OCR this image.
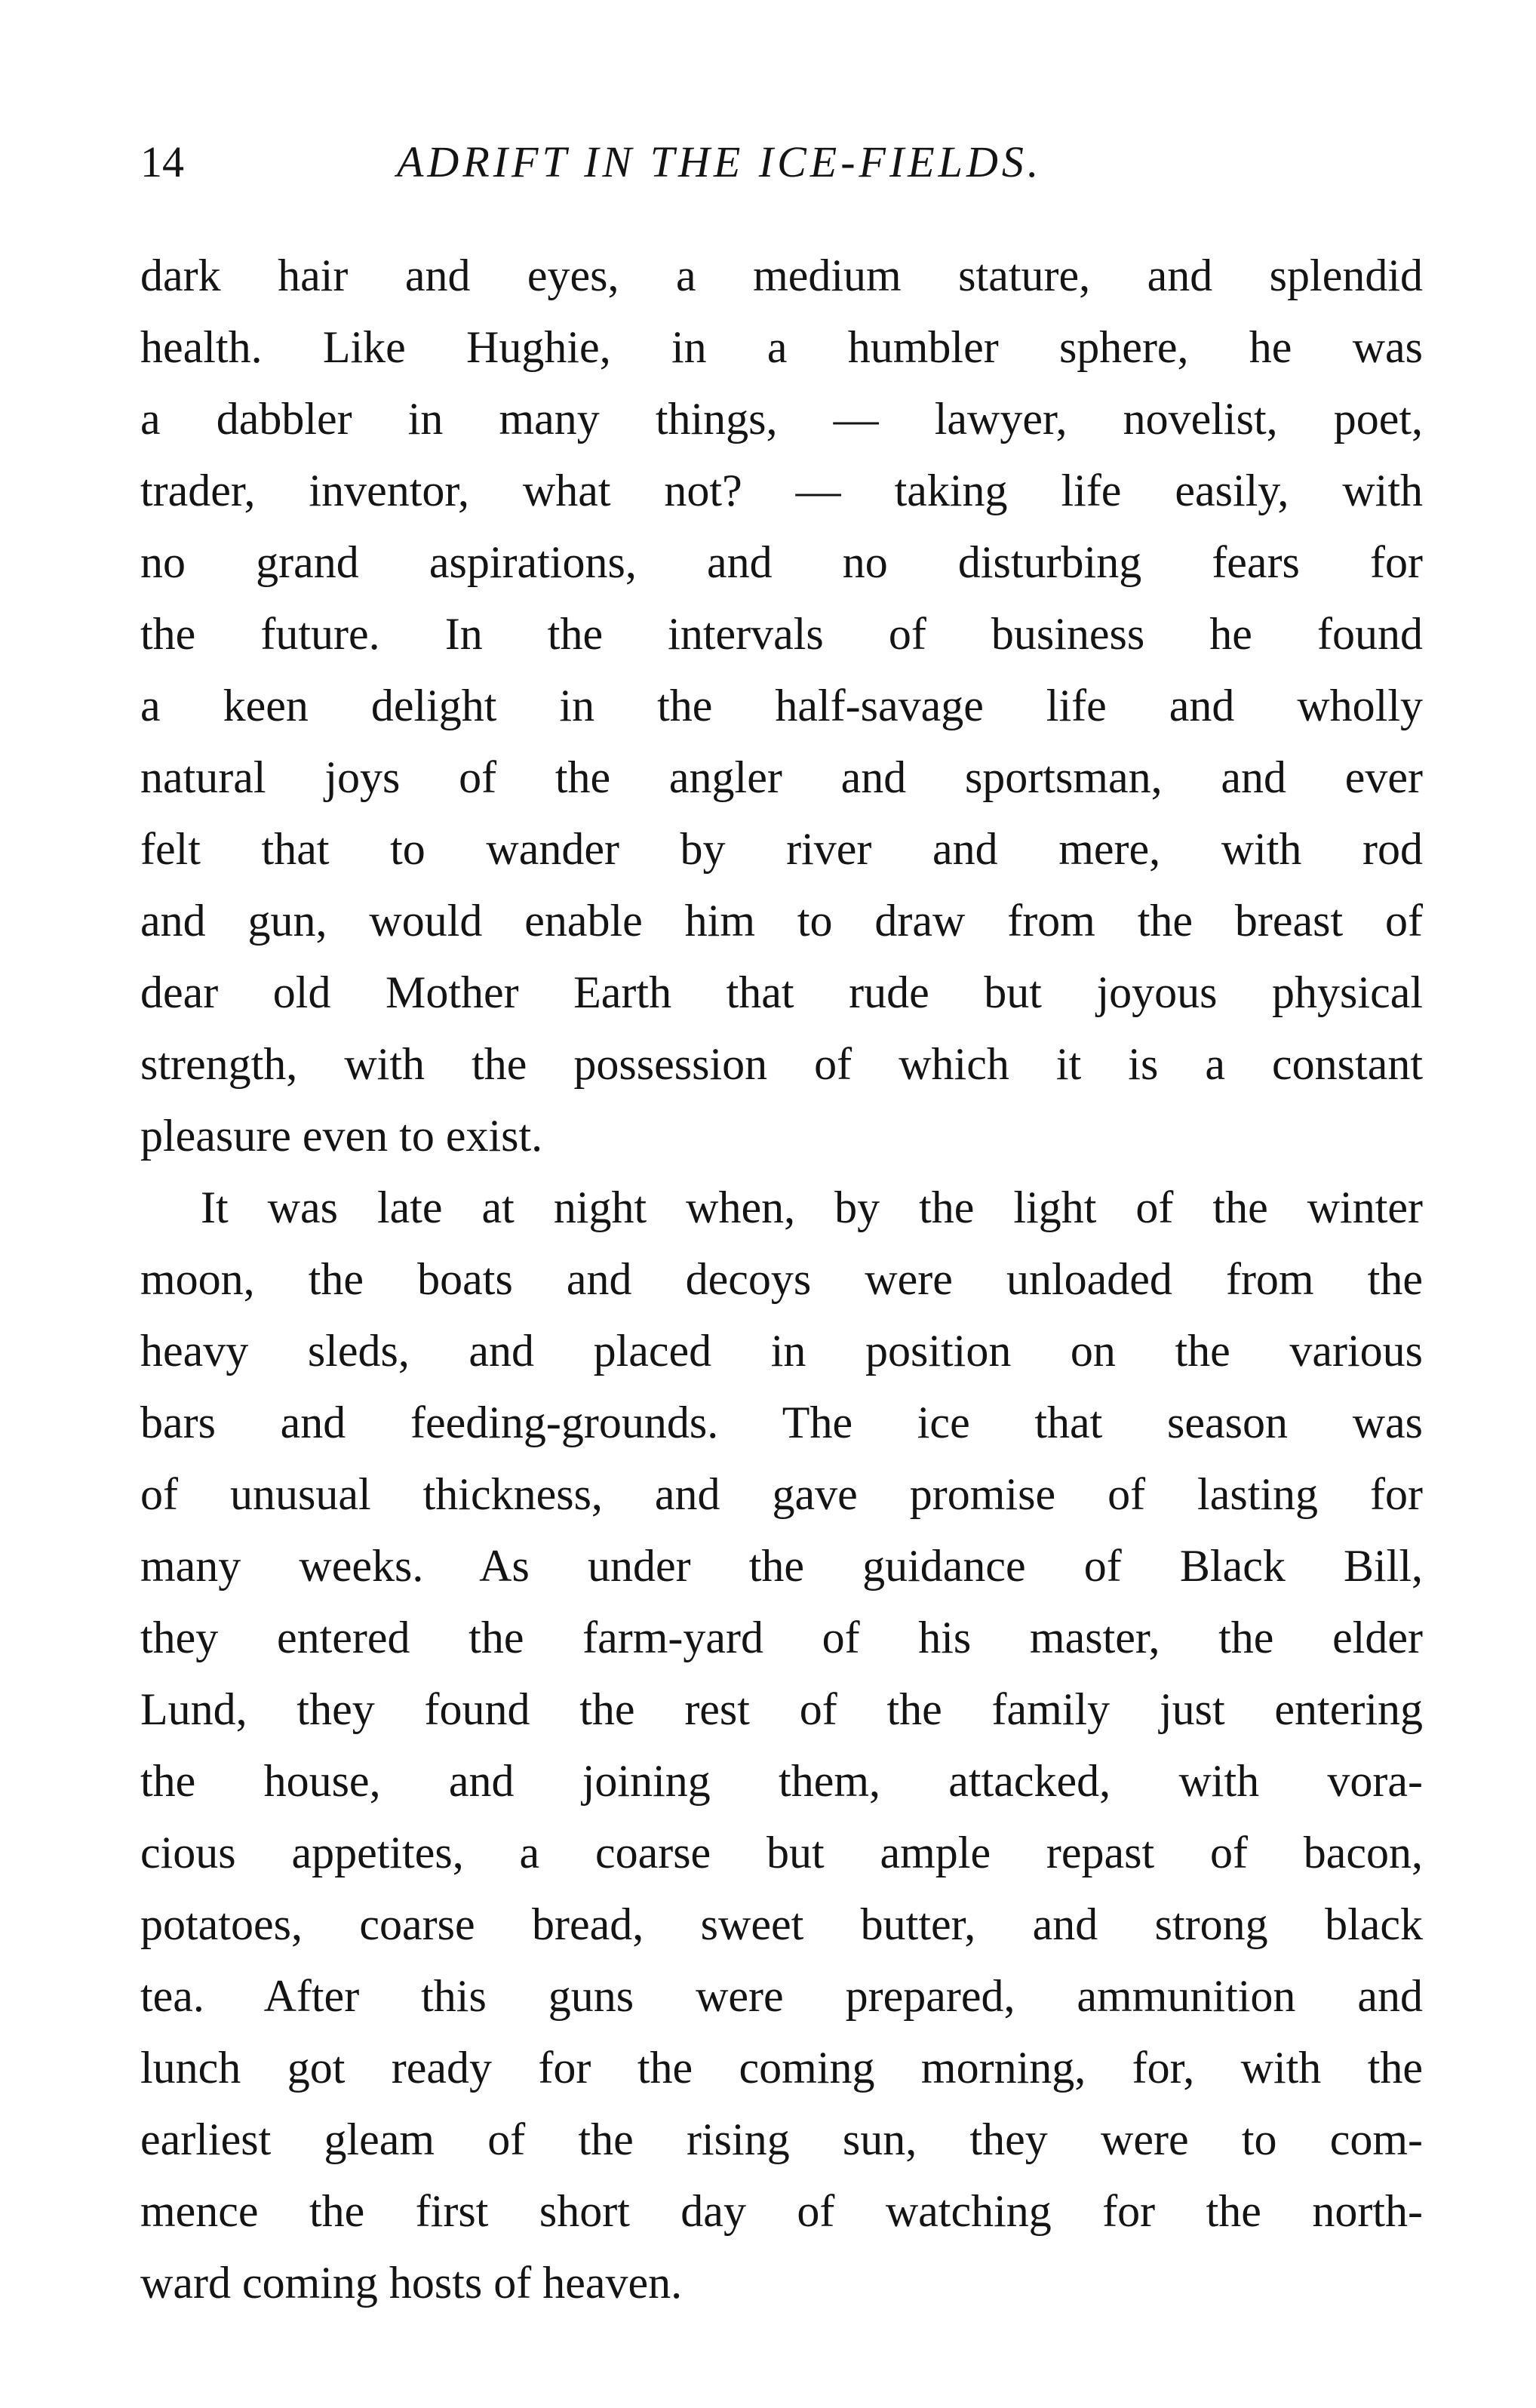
14	ADRIFT IN THE ICE-FIELDS.
dark hair and eyes, a medium stature, and splendid
health. Like Hughie, in a humbler sphere, he was
a dabbler in many things, — lawyer, novelist, poet,
trader, inventor, what not? — taking life easily, with
no grand aspirations, and no disturbing fears for
the future. In the intervals of business he found
a keen delight in the half-savage life and wholly
natural joys of the angler and sportsman, and ever
felt that to wander by river and mere, with rod
and gun, would enable him to draw from the breast of
dear old Mother Earth that rude but joyous physical
strength, with the possession of which it is a constant
pleasure even to exist.
It was late at night when, by the light of the winter
moon, the boats and decoys were unloaded from the
heavy sleds, and placed in position on the various
bars and feeding-grounds. The ice that season was
of unusual thickness, and gave promise of lasting for
many weeks. As under the guidance of Black Bill,
they entered the farm-yard of his master, the elder
Lund, they found the rest of the family just entering
the house, and joining them, attacked, with vora-
cious appetites, a coarse but ample repast of bacon,
potatoes, coarse bread, sweet butter, and strong black
tea. After this guns were prepared, ammunition and
lunch got ready for the coming morning, for, with the
earliest gleam of the rising sun, they were to com-
mence the first short day of watching for the north-
ward coming hosts of heaven.
